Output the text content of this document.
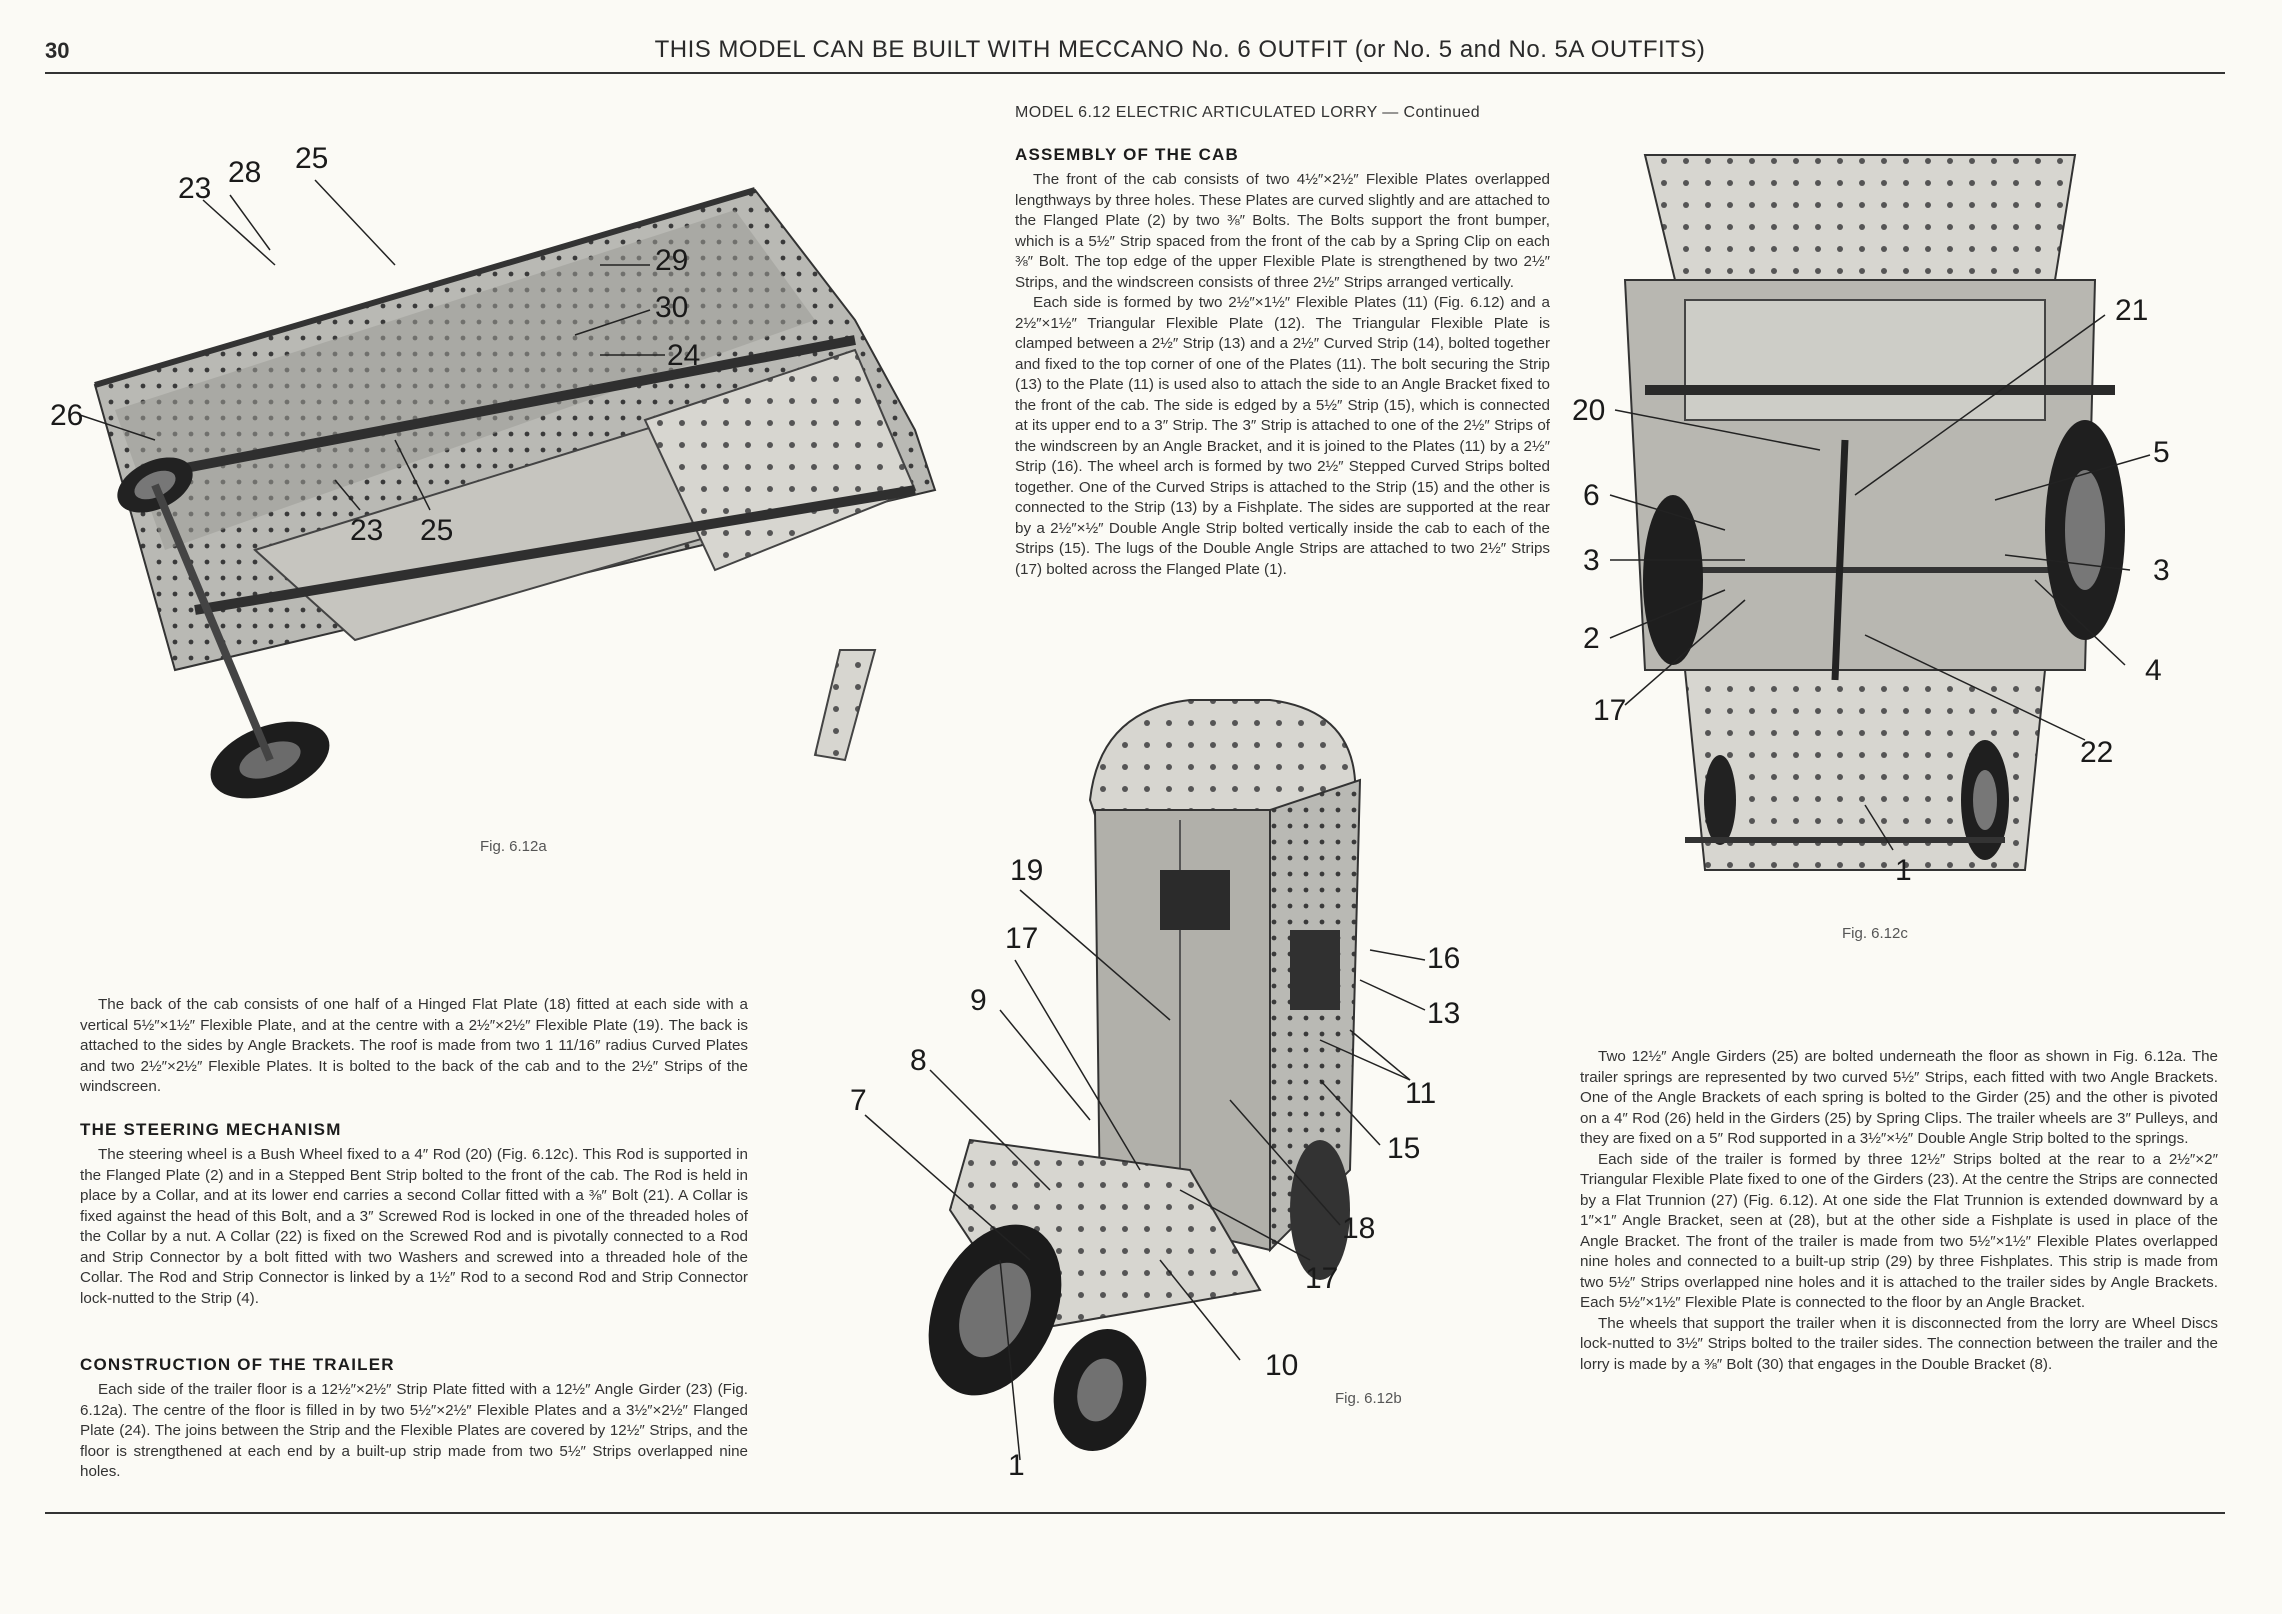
30	THIS MODEL CAN BE BUILT WITH MECCANO No. 6 OUTFIT (or No. 5 and No. 5A OUTFITS)
23 28 25
29
30
24
26
23 25
Fig. 6.12a
MODEL 6.12 ELECTRIC ARTICULATED LORRY — Continued
ASSEMBLY OF THE CAB

The front of the cab consists of two 4½″×2½″ Flexible Plates overlapped lengthways by three holes. These Plates are curved slightly and are attached to the Flanged Plate (2) by two ⅜″ Bolts. The Bolts support the front bumper, which is a 5½″ Strip spaced from the front of the cab by a Spring Clip on each ⅜″ Bolt. The top edge of the upper Flexible Plate is strengthened by two 2½″ Strips, and the windscreen consists of three 2½″ Strips arranged vertically.

Each side is formed by two 2½″×1½″ Flexible Plates (11) (Fig. 6.12) and a 2½″×1½″ Triangular Flexible Plate (12). The Triangular Flexible Plate is clamped between a 2½″ Strip (13) and a 2½″ Curved Strip (14), bolted together and fixed to the top corner of one of the Plates (11). The bolt securing the Strip (13) to the Plate (11) is used also to attach the side to an Angle Bracket fixed to the front of the cab. The side is edged by a 5½″ Strip (15), which is connected at its upper end to a 3″ Strip. The 3″ Strip is attached to one of the 2½″ Strips of the windscreen by an Angle Bracket, and it is joined to the Plates (11) by a 2½″ Strip (16). The wheel arch is formed by two 2½″ Stepped Curved Strips bolted together. One of the Curved Strips is attached to the Strip (15) and the other is connected to the Strip (13) by a Fishplate. The sides are supported at the rear by a 2½″×½″ Double Angle Strip bolted vertically inside the cab to each of the Strips (15). The lugs of the Double Angle Strips are attached to two 2½″ Strips (17) bolted across the Flanged Plate (1).

21
20
5
6
3	3
2
4
17
22
1
Fig. 6.12c
19
17
9
8
7
16
13
11
15
18
17
10
1
Fig. 6.12b

The back of the cab consists of one half of a Hinged Flat Plate (18) fitted at each side with a vertical 5½″×1½″ Flexible Plate, and at the centre with a 2½″×2½″ Flexible Plate (19). The back is attached to the sides by Angle Brackets. The roof is made from two 1 11/16″ radius Curved Plates and two 2½″×2½″ Flexible Plates. It is bolted to the back of the cab and to the 2½″ Strips of the windscreen.

THE STEERING MECHANISM

The steering wheel is a Bush Wheel fixed to a 4″ Rod (20) (Fig. 6.12c). This Rod is supported in the Flanged Plate (2) and in a Stepped Bent Strip bolted to the front of the cab. The Rod is held in place by a Collar, and at its lower end carries a second Collar fitted with a ⅜″ Bolt (21). A Collar is fixed against the head of this Bolt, and a 3″ Screwed Rod is locked in one of the threaded holes of the Collar by a nut. A Collar (22) is fixed on the Screwed Rod and is pivotally connected to a Rod and Strip Connector by a bolt fitted with two Washers and screwed into a threaded hole of the Collar. The Rod and Strip Connector is linked by a 1½″ Rod to a second Rod and Strip Connector lock-nutted to the Strip (4).

CONSTRUCTION OF THE TRAILER

Each side of the trailer floor is a 12½″×2½″ Strip Plate fitted with a 12½″ Angle Girder (23) (Fig. 6.12a). The centre of the floor is filled in by two 5½″×2½″ Flexible Plates and a 3½″×2½″ Flanged Plate (24). The joins between the Strip and the Flexible Plates are covered by 12½″ Strips, and the floor is strengthened at each end by a built-up strip made from two 5½″ Strips overlapped nine holes.

Two 12½″ Angle Girders (25) are bolted underneath the floor as shown in Fig. 6.12a. The trailer springs are represented by two curved 5½″ Strips, each fitted with two Angle Brackets. One of the Angle Brackets of each spring is bolted to the Girder (25) and the other is pivoted on a 4″ Rod (26) held in the Girders (25) by Spring Clips. The trailer wheels are 3″ Pulleys, and they are fixed on a 5″ Rod supported in a 3½″×½″ Double Angle Strip bolted to the springs.

Each side of the trailer is formed by three 12½″ Strips bolted at the rear to a 2½″×2″ Triangular Flexible Plate fixed to one of the Girders (23). At the centre the Strips are connected by a Flat Trunnion (27) (Fig. 6.12). At one side the Flat Trunnion is extended downward by a 1″×1″ Angle Bracket, seen at (28), but at the other side a Fishplate is used in place of the Angle Bracket. The front of the trailer is made from two 5½″×1½″ Flexible Plates overlapped nine holes and connected to a built-up strip (29) by three Fishplates. This strip is made from two 5½″ Strips overlapped nine holes and it is attached to the trailer sides by Angle Brackets. Each 5½″×1½″ Flexible Plate is connected to the floor by an Angle Bracket.

The wheels that support the trailer when it is disconnected from the lorry are Wheel Discs lock-nutted to 3½″ Strips bolted to the trailer sides. The connection between the trailer and the lorry is made by a ⅜″ Bolt (30) that engages in the Double Bracket (8).
